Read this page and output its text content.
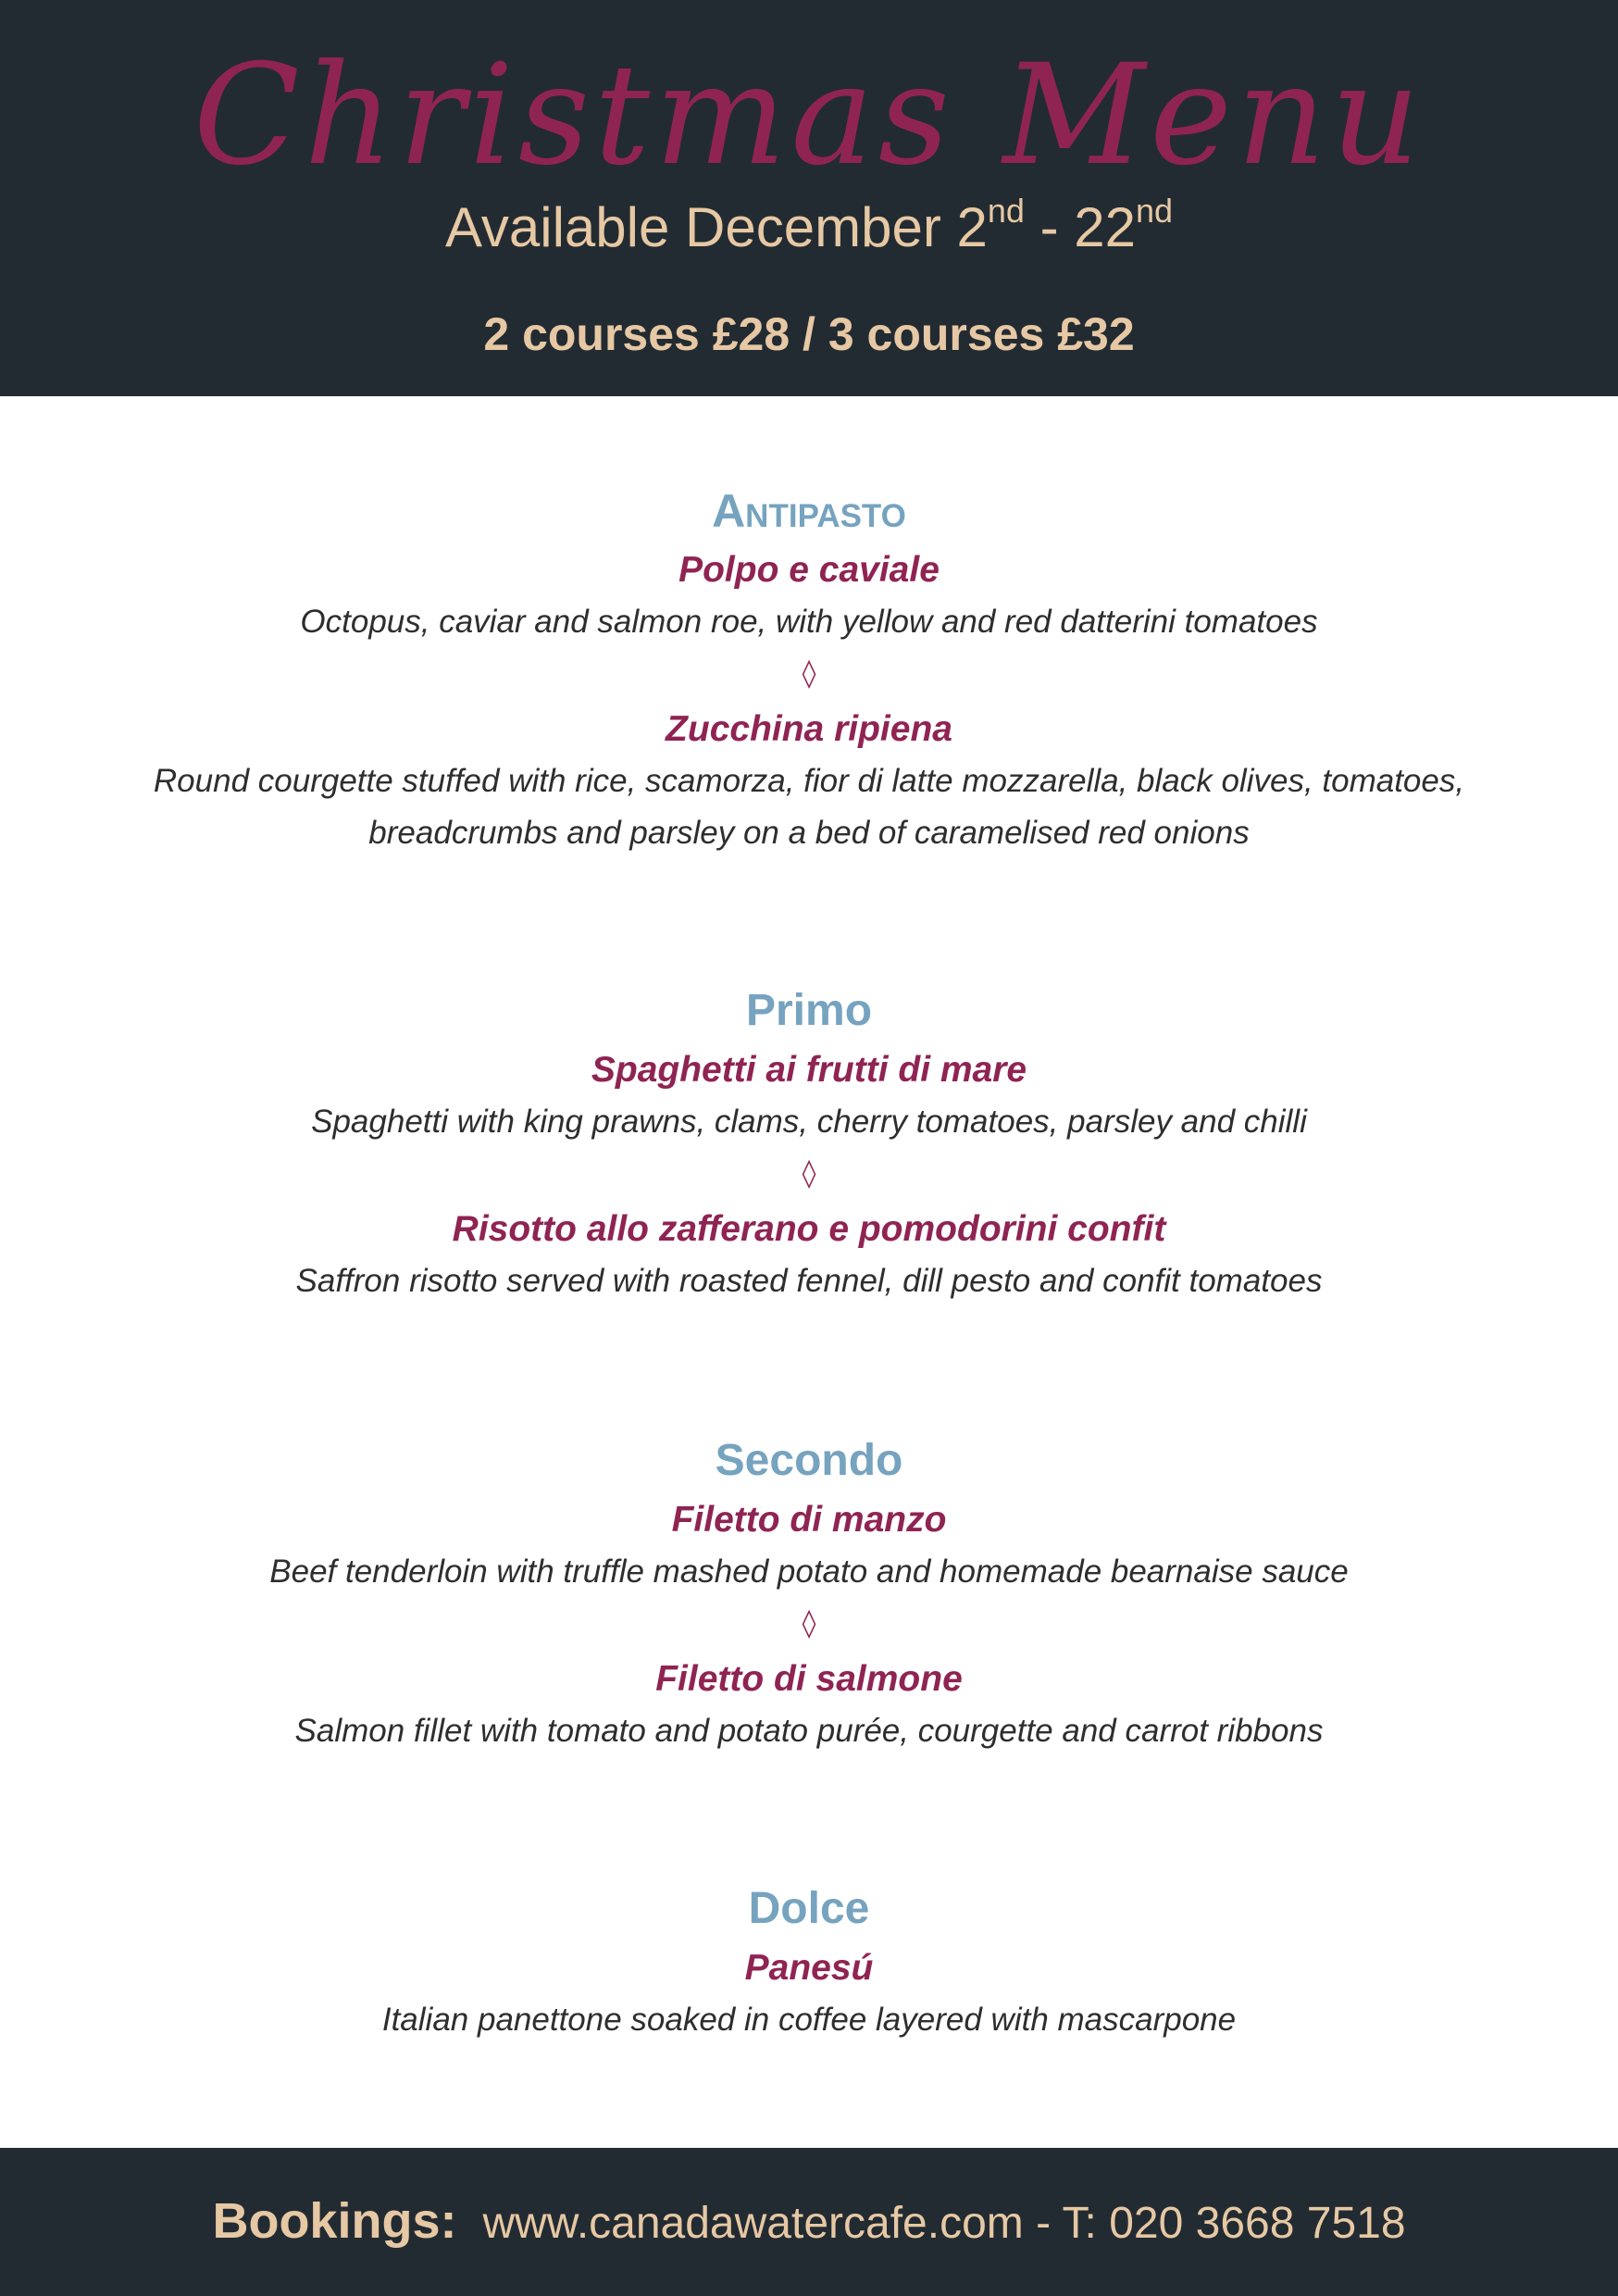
Christmas Menu
Available December 2nd - 22nd
2 courses £28 / 3 courses £32
Antipasto
Polpo e caviale
Octopus, caviar and salmon roe, with yellow and red datterini tomatoes
◊
Zucchina ripiena
Round courgette stuffed with rice, scamorza, fior di latte mozzarella, black olives, tomatoes,
breadcrumbs and parsley on a bed of caramelised red onions
Primo
Spaghetti ai frutti di mare
Spaghetti with king prawns, clams, cherry tomatoes, parsley and chilli
◊
Risotto allo zafferano e pomodorini confit
Saffron risotto served with roasted fennel, dill pesto and confit tomatoes
Secondo
Filetto di manzo
Beef tenderloin with truffle mashed potato and homemade bearnaise sauce
◊
Filetto di salmone
Salmon fillet with tomato and potato purée, courgette and carrot ribbons
Dolce
Panesú
Italian panettone soaked in coffee layered with mascarpone
Bookings: www.canadawatercafe.com - T: 020 3668 7518
